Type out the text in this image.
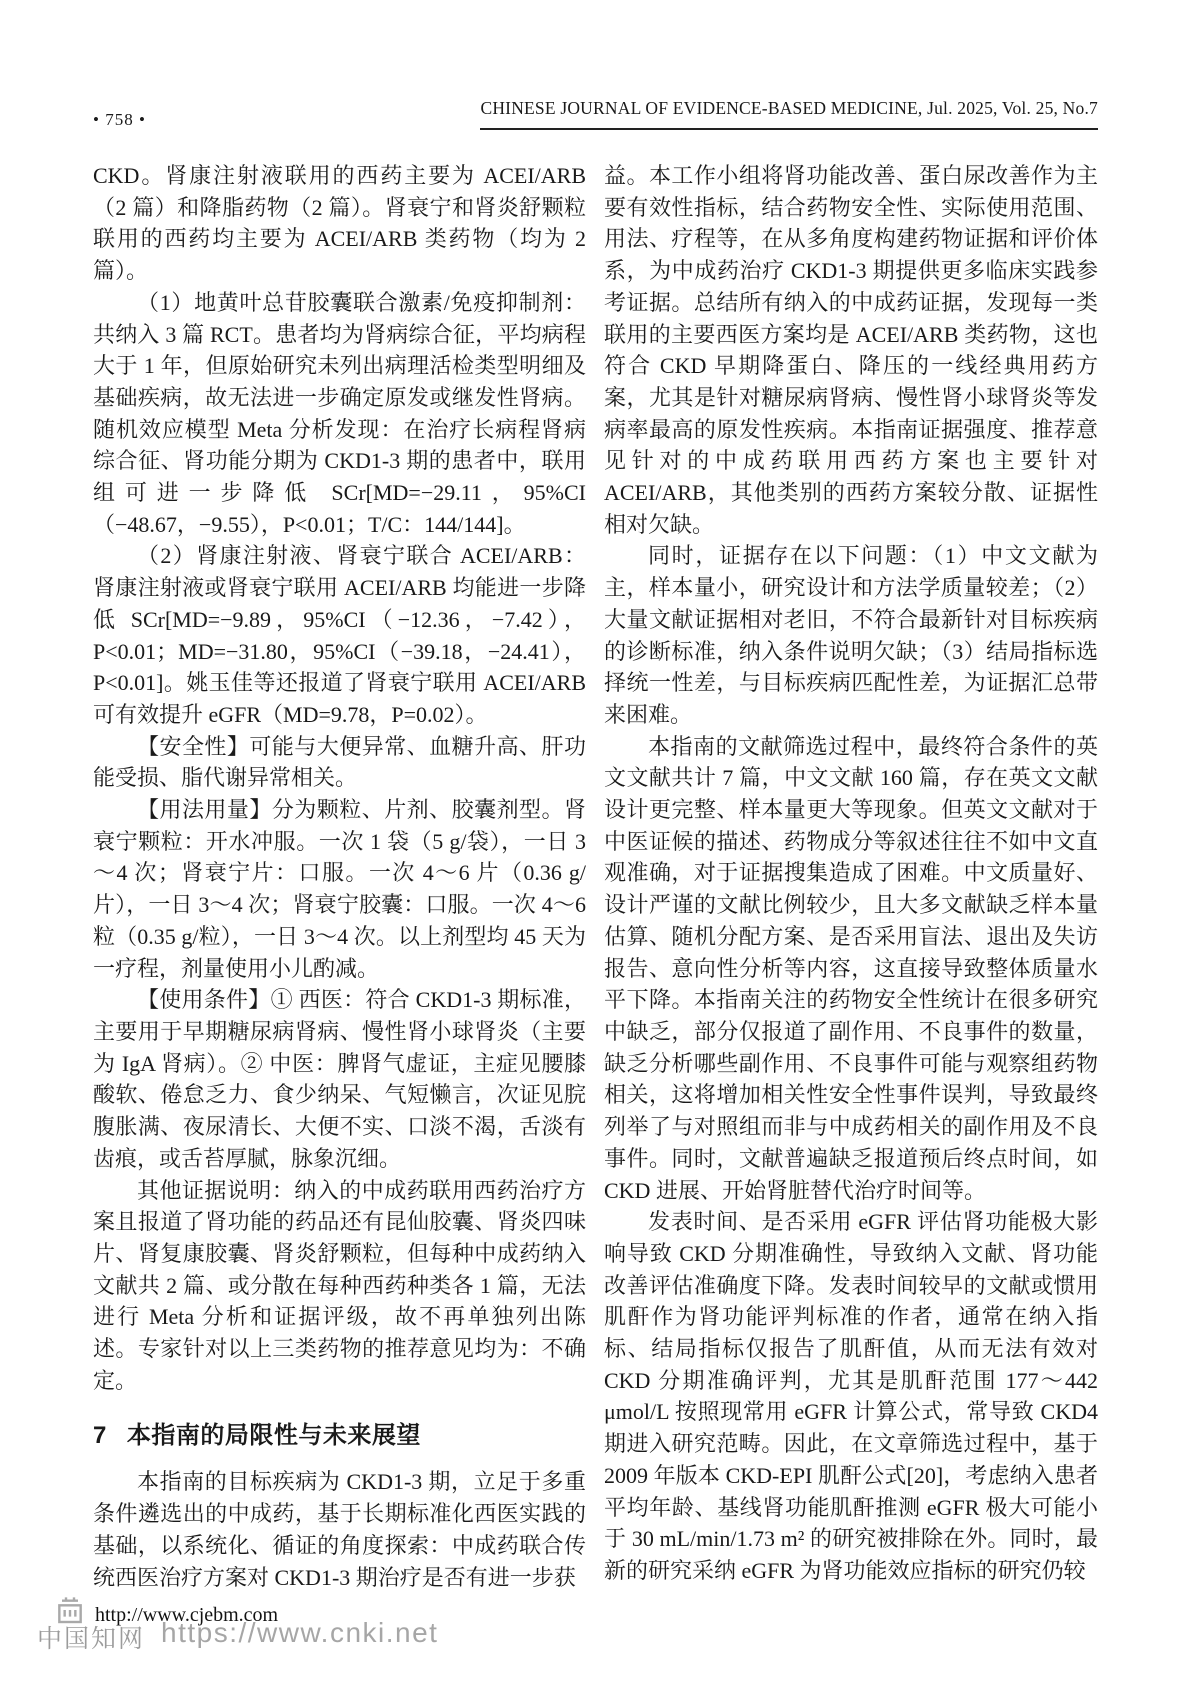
• 758 •
CHINESE JOURNAL OF EVIDENCE-BASED MEDICINE, Jul. 2025, Vol. 25, No.7

CKD。肾康注射液联用的西药主要为 ACEI/ARB（2 篇）和降脂药物（2 篇）。肾衰宁和肾炎舒颗粒联用的西药均主要为 ACEI/ARB 类药物（均为 2 篇）。

（1）地黄叶总苷胶囊联合激素/免疫抑制剂：共纳入 3 篇 RCT。患者均为肾病综合征，平均病程大于 1 年，但原始研究未列出病理活检类型明细及基础疾病，故无法进一步确定原发或继发性肾病。随机效应模型 Meta 分析发现：在治疗长病程肾病综合征、肾功能分期为 CKD1-3 期的患者中，联用组可进一步降低 SCr[MD=−29.11，95%CI（−48.67，−9.55），P<0.01；T/C：144/144]。

（2）肾康注射液、肾衰宁联合 ACEI/ARB：肾康注射液或肾衰宁联用 ACEI/ARB 均能进一步降低 SCr[MD=−9.89，95%CI（−12.36，−7.42），P<0.01；MD=−31.80，95%CI（−39.18，−24.41），P<0.01]。姚玉佳等还报道了肾衰宁联用 ACEI/ARB 可有效提升 eGFR（MD=9.78，P=0.02）。

【安全性】可能与大便异常、血糖升高、肝功能受损、脂代谢异常相关。

【用法用量】分为颗粒、片剂、胶囊剂型。肾衰宁颗粒：开水冲服。一次 1 袋（5 g/袋），一日 3～4 次；肾衰宁片：口服。一次 4～6 片（0.36 g/片），一日 3～4 次；肾衰宁胶囊：口服。一次 4～6 粒（0.35 g/粒），一日 3～4 次。以上剂型均 45 天为一疗程，剂量使用小儿酌减。

【使用条件】① 西医：符合 CKD1-3 期标准，主要用于早期糖尿病肾病、慢性肾小球肾炎（主要为 IgA 肾病）。② 中医：脾肾气虚证，主症见腰膝酸软、倦怠乏力、食少纳呆、气短懒言，次证见脘腹胀满、夜尿清长、大便不实、口淡不渴，舌淡有齿痕，或舌苔厚腻，脉象沉细。

其他证据说明：纳入的中成药联用西药治疗方案且报道了肾功能的药品还有昆仙胶囊、肾炎四味片、肾复康胶囊、肾炎舒颗粒，但每种中成药纳入文献共 2 篇、或分散在每种西药种类各 1 篇，无法进行 Meta 分析和证据评级，故不再单独列出陈述。专家针对以上三类药物的推荐意见均为：不确定。

7 本指南的局限性与未来展望

本指南的目标疾病为 CKD1-3 期，立足于多重条件遴选出的中成药，基于长期标准化西医实践的基础，以系统化、循证的角度探索：中成药联合传统西医治疗方案对 CKD1-3 期治疗是否有进一步获

益。本工作小组将肾功能改善、蛋白尿改善作为主要有效性指标，结合药物安全性、实际使用范围、用法、疗程等，在从多角度构建药物证据和评价体系，为中成药治疗 CKD1-3 期提供更多临床实践参考证据。总结所有纳入的中成药证据，发现每一类联用的主要西医方案均是 ACEI/ARB 类药物，这也符合 CKD 早期降蛋白、降压的一线经典用药方案，尤其是针对糖尿病肾病、慢性肾小球肾炎等发病率最高的原发性疾病。本指南证据强度、推荐意见针对的中成药联用西药方案也主要针对 ACEI/ARB，其他类别的西药方案较分散、证据性相对欠缺。

同时，证据存在以下问题：（1）中文文献为主，样本量小，研究设计和方法学质量较差；（2）大量文献证据相对老旧，不符合最新针对目标疾病的诊断标准，纳入条件说明欠缺；（3）结局指标选择统一性差，与目标疾病匹配性差，为证据汇总带来困难。

本指南的文献筛选过程中，最终符合条件的英文文献共计 7 篇，中文文献 160 篇，存在英文文献设计更完整、样本量更大等现象。但英文文献对于中医证候的描述、药物成分等叙述往往不如中文直观准确，对于证据搜集造成了困难。中文质量好、设计严谨的文献比例较少，且大多文献缺乏样本量估算、随机分配方案、是否采用盲法、退出及失访报告、意向性分析等内容，这直接导致整体质量水平下降。本指南关注的药物安全性统计在很多研究中缺乏，部分仅报道了副作用、不良事件的数量，缺乏分析哪些副作用、不良事件可能与观察组药物相关，这将增加相关性安全性事件误判，导致最终列举了与对照组而非与中成药相关的副作用及不良事件。同时，文献普遍缺乏报道预后终点时间，如 CKD 进展、开始肾脏替代治疗时间等。

发表时间、是否采用 eGFR 评估肾功能极大影响导致 CKD 分期准确性，导致纳入文献、肾功能改善评估准确度下降。发表时间较早的文献或惯用肌酐作为肾功能评判标准的作者，通常在纳入指标、结局指标仅报告了肌酐值，从而无法有效对 CKD 分期准确评判，尤其是肌酐范围 177～442 μmol/L 按照现常用 eGFR 计算公式，常导致 CKD4 期进入研究范畴。因此，在文章筛选过程中，基于 2009 年版本 CKD-EPI 肌酐公式[20]，考虑纳入患者平均年龄、基线肾功能肌酐推测 eGFR 极大可能小于 30 mL/min/1.73 m² 的研究被排除在外。同时，最新的研究采纳 eGFR 为肾功能效应指标的研究仍较

中国知网
http://www.cjebm.com
https://www.cnki.net
